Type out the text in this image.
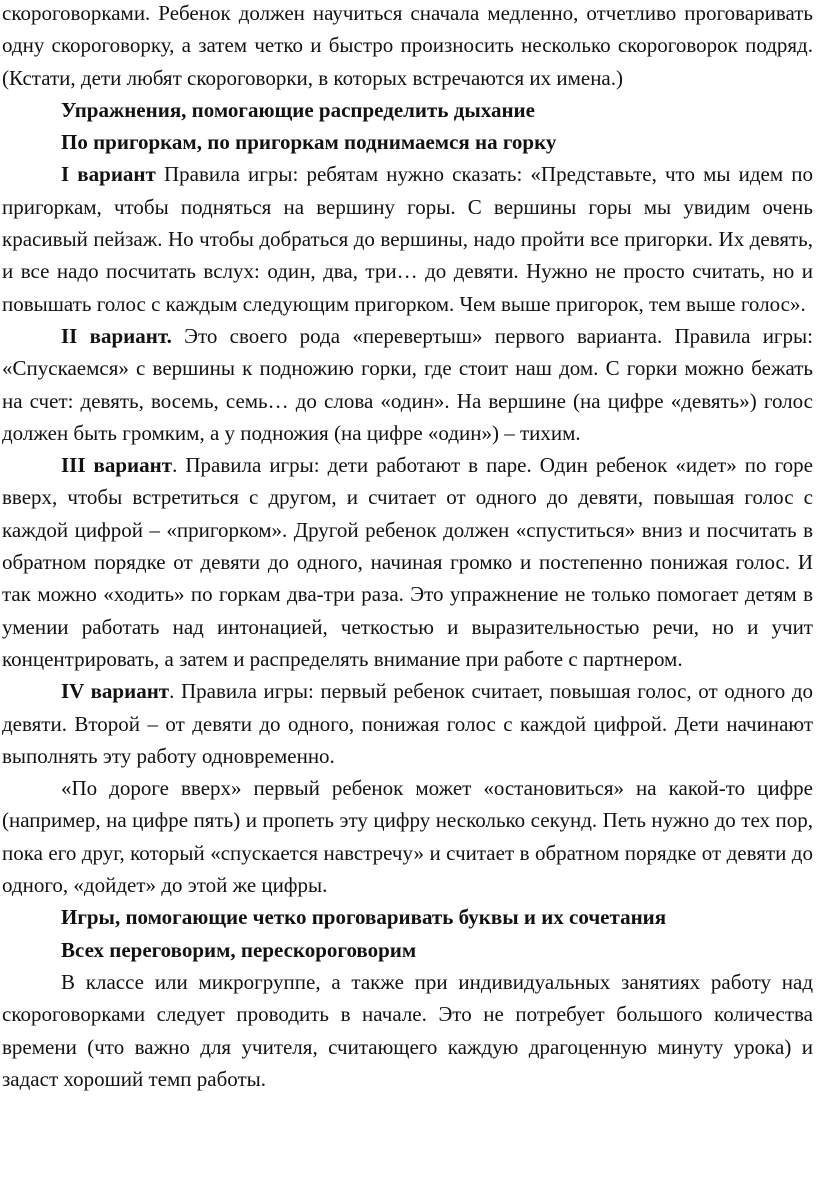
скороговорками. Ребенок должен научиться сначала медленно, отчетливо проговаривать одну скороговорку, а затем четко и быстро произносить несколько скороговорок подряд. (Кстати, дети любят скороговорки, в которых встречаются их имена.)

Упражнения, помогающие распределить дыхание

По пригоркам, по пригоркам поднимаемся на горку

I вариант Правила игры: ребятам нужно сказать: «Представьте, что мы идем по пригоркам, чтобы подняться на вершину горы. С вершины горы мы увидим очень красивый пейзаж. Но чтобы добраться до вершины, надо пройти все пригорки. Их девять, и все надо посчитать вслух: один, два, три… до девяти. Нужно не просто считать, но и повышать голос с каждым следующим пригорком. Чем выше пригорок, тем выше голос».

II вариант. Это своего рода «перевертыш» первого варианта. Правила игры: «Спускаемся» с вершины к подножию горки, где стоит наш дом. С горки можно бежать на счет: девять, восемь, семь… до слова «один». На вершине (на цифре «девять») голос должен быть громким, а у подножия (на цифре «один») – тихим.

III вариант. Правила игры: дети работают в паре. Один ребенок «идет» по горе вверх, чтобы встретиться с другом, и считает от одного до девяти, повышая голос с каждой цифрой – «пригорком». Другой ребенок должен «спуститься» вниз и посчитать в обратном порядке от девяти до одного, начиная громко и постепенно понижая голос. И так можно «ходить» по горкам два-три раза. Это упражнение не только помогает детям в умении работать над интонацией, четкостью и выразительностью речи, но и учит концентрировать, а затем и распределять внимание при работе с партнером.

IV вариант. Правила игры: первый ребенок считает, повышая голос, от одного до девяти. Второй – от девяти до одного, понижая голос с каждой цифрой. Дети начинают выполнять эту работу одновременно.

«По дороге вверх» первый ребенок может «остановиться» на какой-то цифре (например, на цифре пять) и пропеть эту цифру несколько секунд. Петь нужно до тех пор, пока его друг, который «спускается навстречу» и считает в обратном порядке от девяти до одного, «дойдет» до этой же цифры.

Игры, помогающие четко проговаривать буквы и их сочетания

Всех переговорим, перескороговорим

В классе или микрогруппе, а также при индивидуальных занятиях работу над скороговорками следует проводить в начале. Это не потребует большого количества времени (что важно для учителя, считающего каждую драгоценную минуту урока) и задаст хороший темп работы.
